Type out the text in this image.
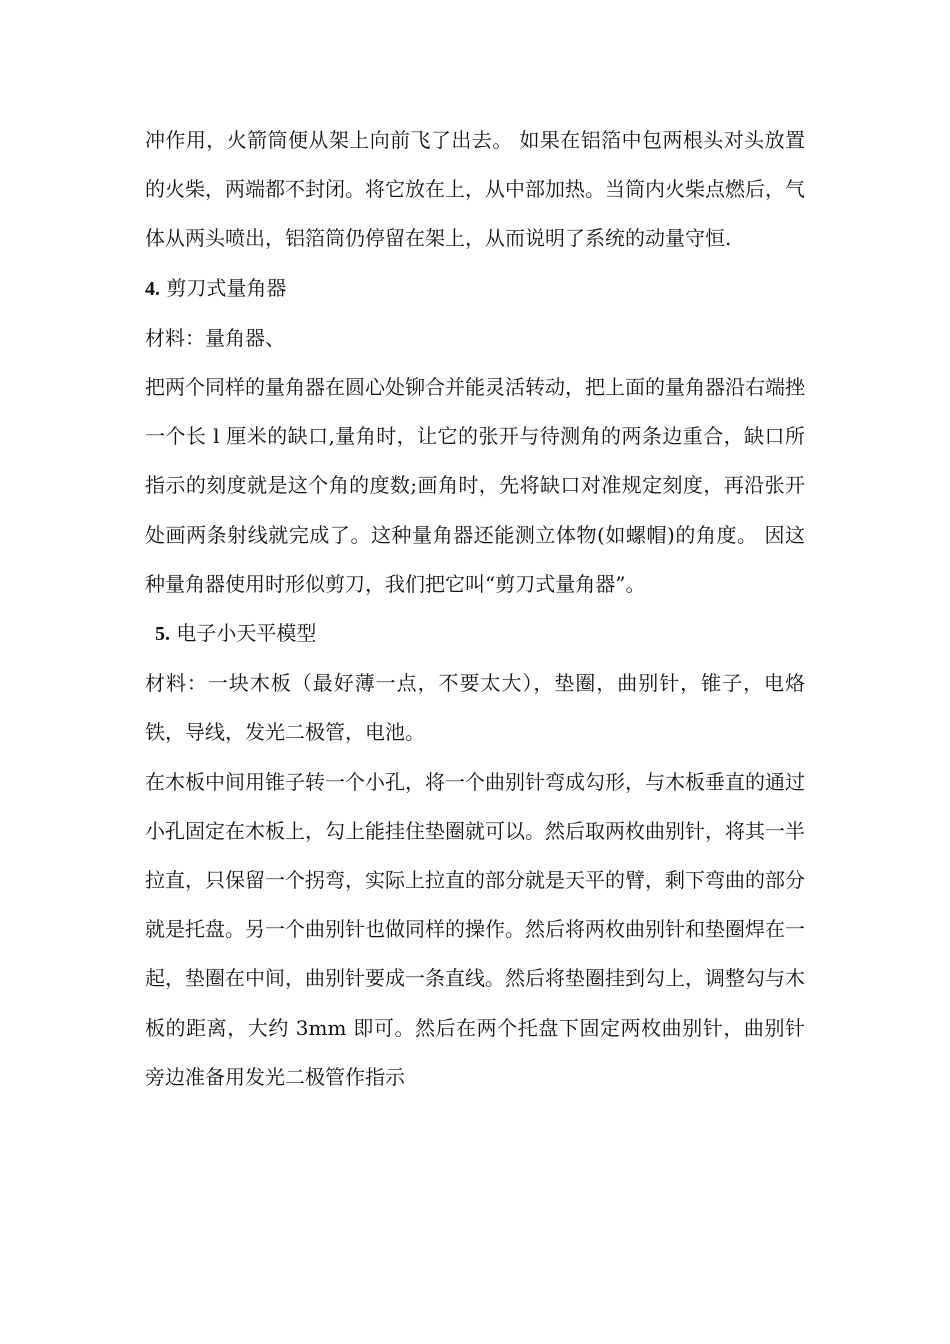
冲作用，火箭筒便从架上向前飞了出去。 如果在铝箔中包两根头对头放置的火柴，两端都不封闭。将它放在上，从中部加热。当筒内火柴点燃后，气体从两头喷出，铝箔筒仍停留在架上，从而说明了系统的动量守恒.

4. 剪刀式量角器

材料：量角器、

把两个同样的量角器在圆心处铆合并能灵活转动，把上面的量角器沿右端挫一个长 l 厘米的缺口,量角时，让它的张开与待测角的两条边重合，缺口所指示的刻度就是这个角的度数;画角时，先将缺口对准规定刻度，再沿张开处画两条射线就完成了。这种量角器还能测立体物(如螺帽)的角度。 因这种量角器使用时形似剪刀，我们把它叫“剪刀式量角器”。

5. 电子小天平模型

材料：一块木板（最好薄一点，不要太大），垫圈，曲别针，锥子，电烙铁，导线，发光二极管，电池。

在木板中间用锥子转一个小孔，将一个曲别针弯成勾形，与木板垂直的通过小孔固定在木板上，勾上能挂住垫圈就可以。然后取两枚曲别针，将其一半拉直，只保留一个拐弯，实际上拉直的部分就是天平的臂，剩下弯曲的部分就是托盘。另一个曲别针也做同样的操作。然后将两枚曲别针和垫圈焊在一起，垫圈在中间，曲别针要成一条直线。然后将垫圈挂到勾上，调整勾与木板的距离，大约 3mm 即可。然后在两个托盘下固定两枚曲别针，曲别针旁边准备用发光二极管作指示
